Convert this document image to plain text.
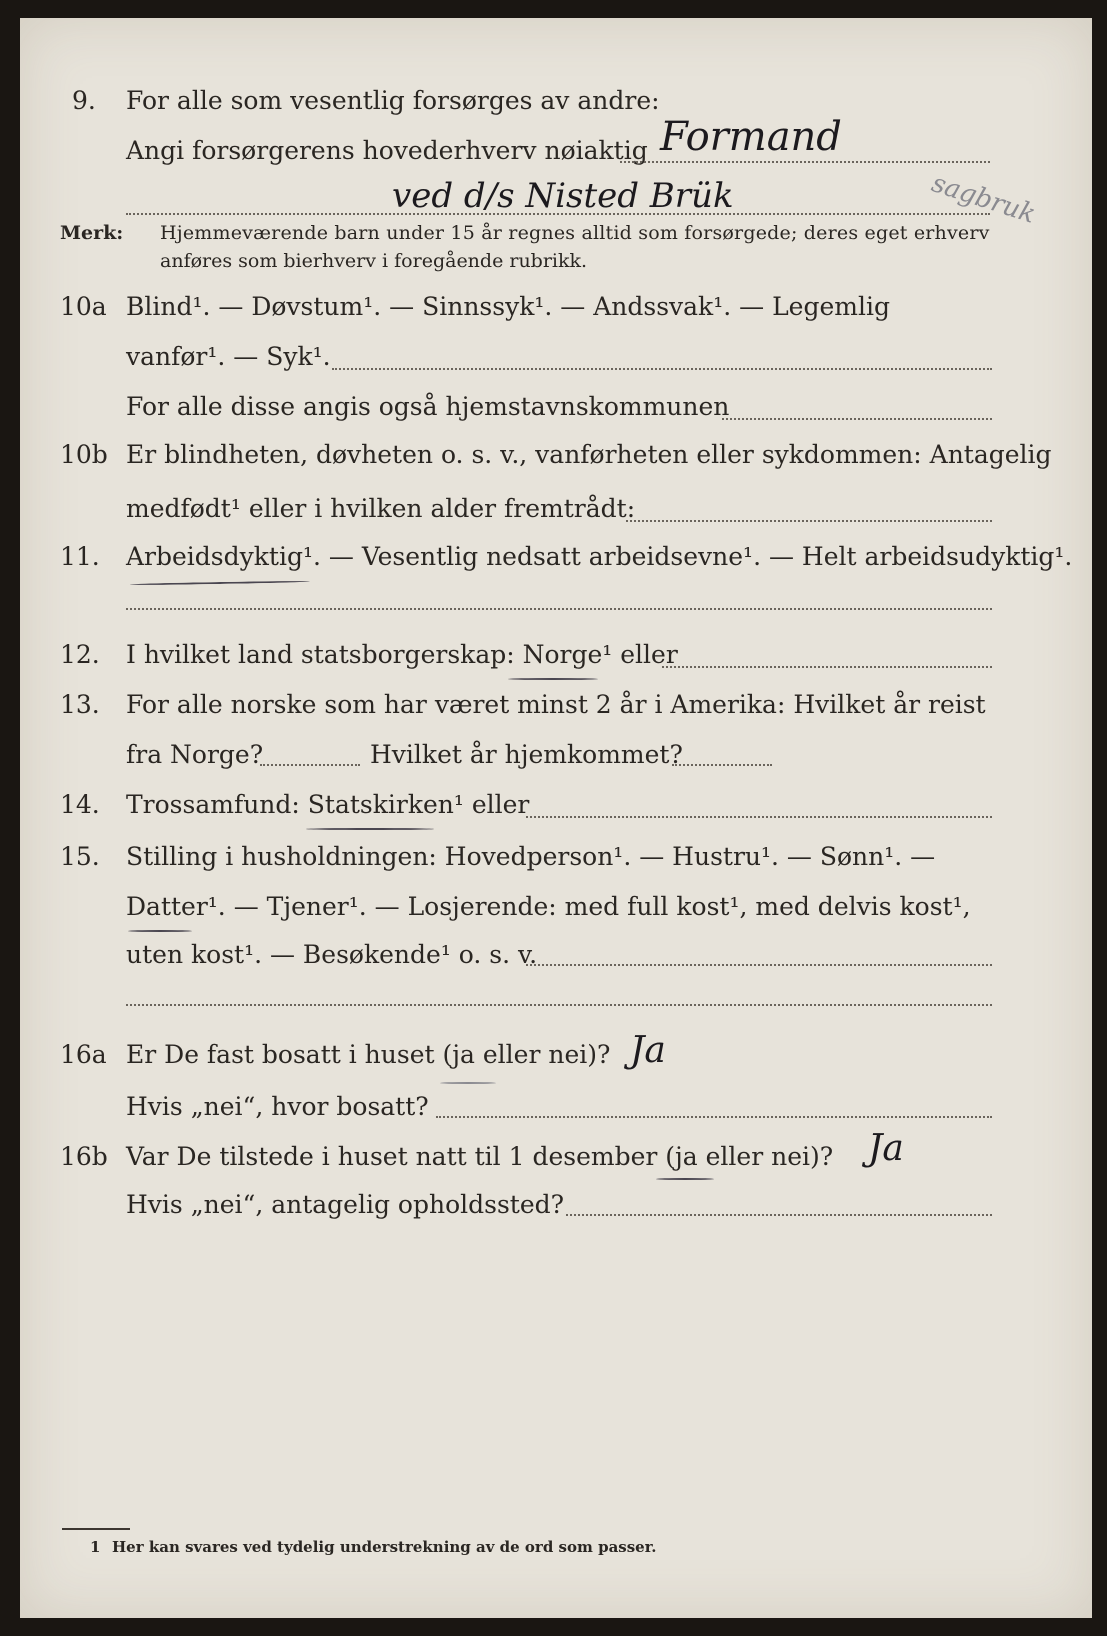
9. For alle som vesentlig forsørges av andre:
Angi forsørgerens hovederhverv nøiaktig Formand
ved d/s Nisted Brük	sagbruk
Merk: Hjemmeværende barn under 15 år regnes alltid som forsørgede; deres eget erhverv
anføres som bierhverv i foregående rubrikk.
10a Blind¹. — Døvstum¹. — Sinnssyk¹. — Andssvak¹. — Legemlig
vanfør¹. — Syk¹.
For alle disse angis også hjemstavnskommunen
10b Er blindheten, døvheten o. s. v., vanførheten eller sykdommen: Antagelig
medfødt¹ eller i hvilken alder fremtrådt:
11. Arbeidsdyktig¹. — Vesentlig nedsatt arbeidsevne¹. — Helt arbeidsudyktig¹.
12. I hvilket land statsborgerskap: Norge¹ eller
13. For alle norske som har været minst 2 år i Amerika: Hvilket år reist
fra Norge?	Hvilket år hjemkommet?
14. Trossamfund: Statskirken¹ eller
15. Stilling i husholdningen: Hovedperson¹. — Hustru¹. — Sønn¹. —
Datter¹. — Tjener¹. — Losjerende: med full kost¹, med delvis kost¹,
uten kost¹. — Besøkende¹ o. s. v.
16a Er De fast bosatt i huset (ja eller nei)? Ja
Hvis „nei“, hvor bosatt?
16b Var De tilstede i huset natt til 1 desember (ja eller nei)? Ja
Hvis „nei“, antagelig opholdssted?
1 Her kan svares ved tydelig understrekning av de ord som passer.
